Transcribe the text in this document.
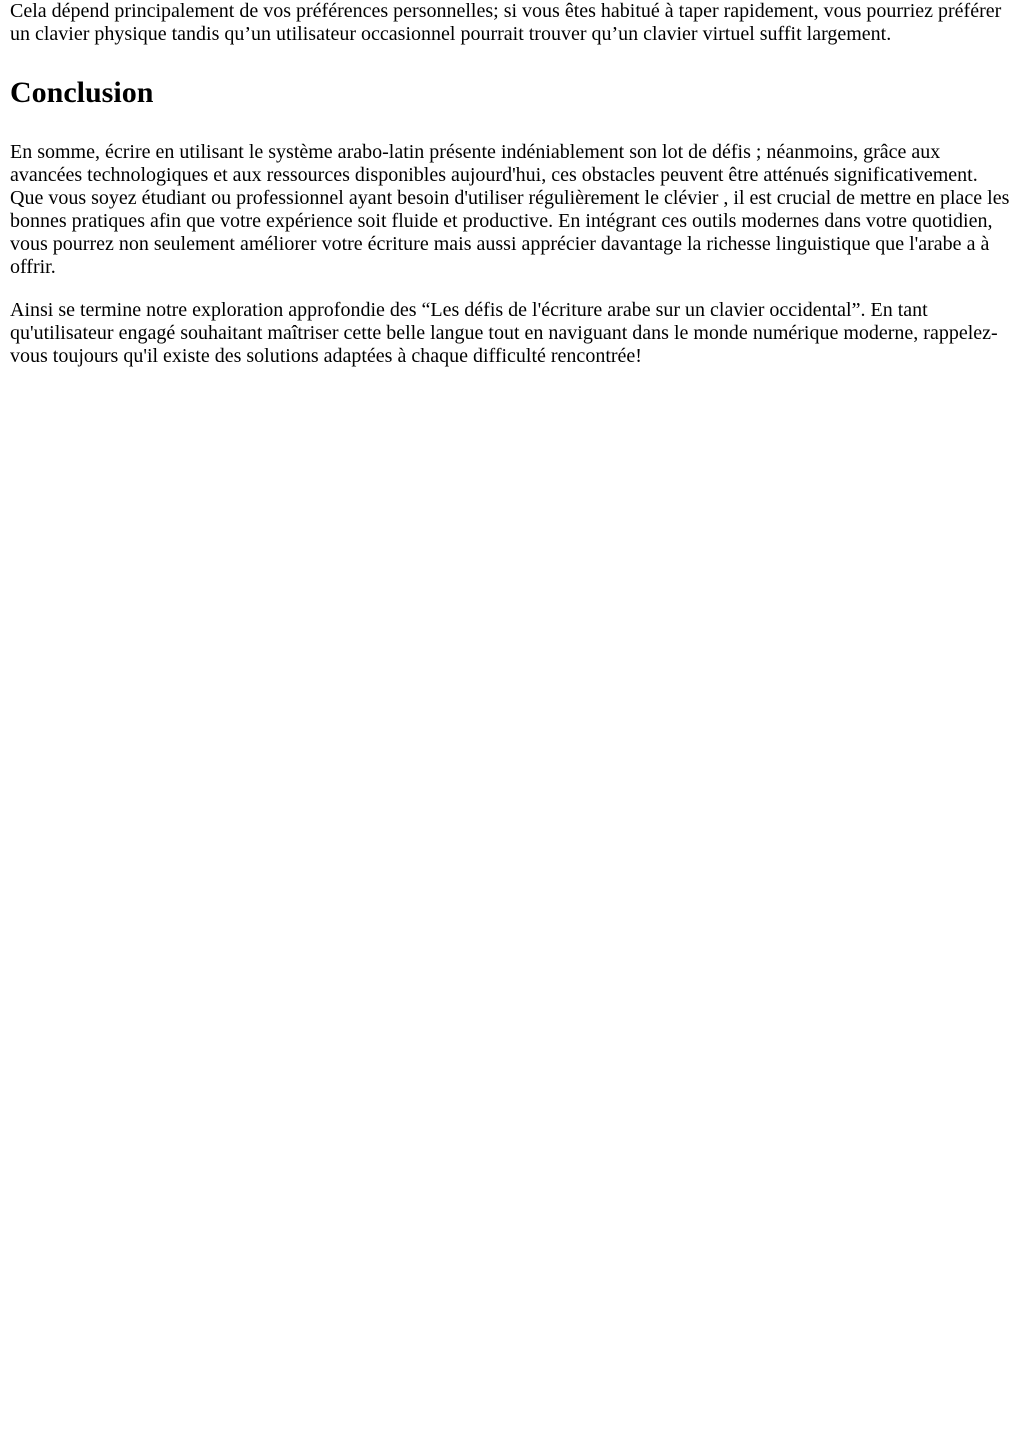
Cela dépend principalement de vos préférences personnelles; si vous êtes habitué à taper rapidement, vous pourriez préférer un clavier physique tandis qu’un utilisateur occasionnel pourrait trouver qu’un clavier virtuel suffit largement.

Conclusion

En somme, écrire en utilisant le système arabo-latin présente indéniablement son lot de défis ; néanmoins, grâce aux avancées technologiques et aux ressources disponibles aujourd'hui, ces obstacles peuvent être atténués significativement. Que vous soyez étudiant ou professionnel ayant besoin d'utiliser régulièrement le clévier , il est crucial de mettre en place les bonnes pratiques afin que votre expérience soit fluide et productive. En intégrant ces outils modernes dans votre quotidien, vous pourrez non seulement améliorer votre écriture mais aussi apprécier davantage la richesse linguistique que l'arabe a à offrir.

Ainsi se termine notre exploration approfondie des “Les défis de l'écriture arabe sur un clavier occidental”. En tant qu'utilisateur engagé souhaitant maîtriser cette belle langue tout en naviguant dans le monde numérique moderne, rappelez-vous toujours qu'il existe des solutions adaptées à chaque difficulté rencontrée!
